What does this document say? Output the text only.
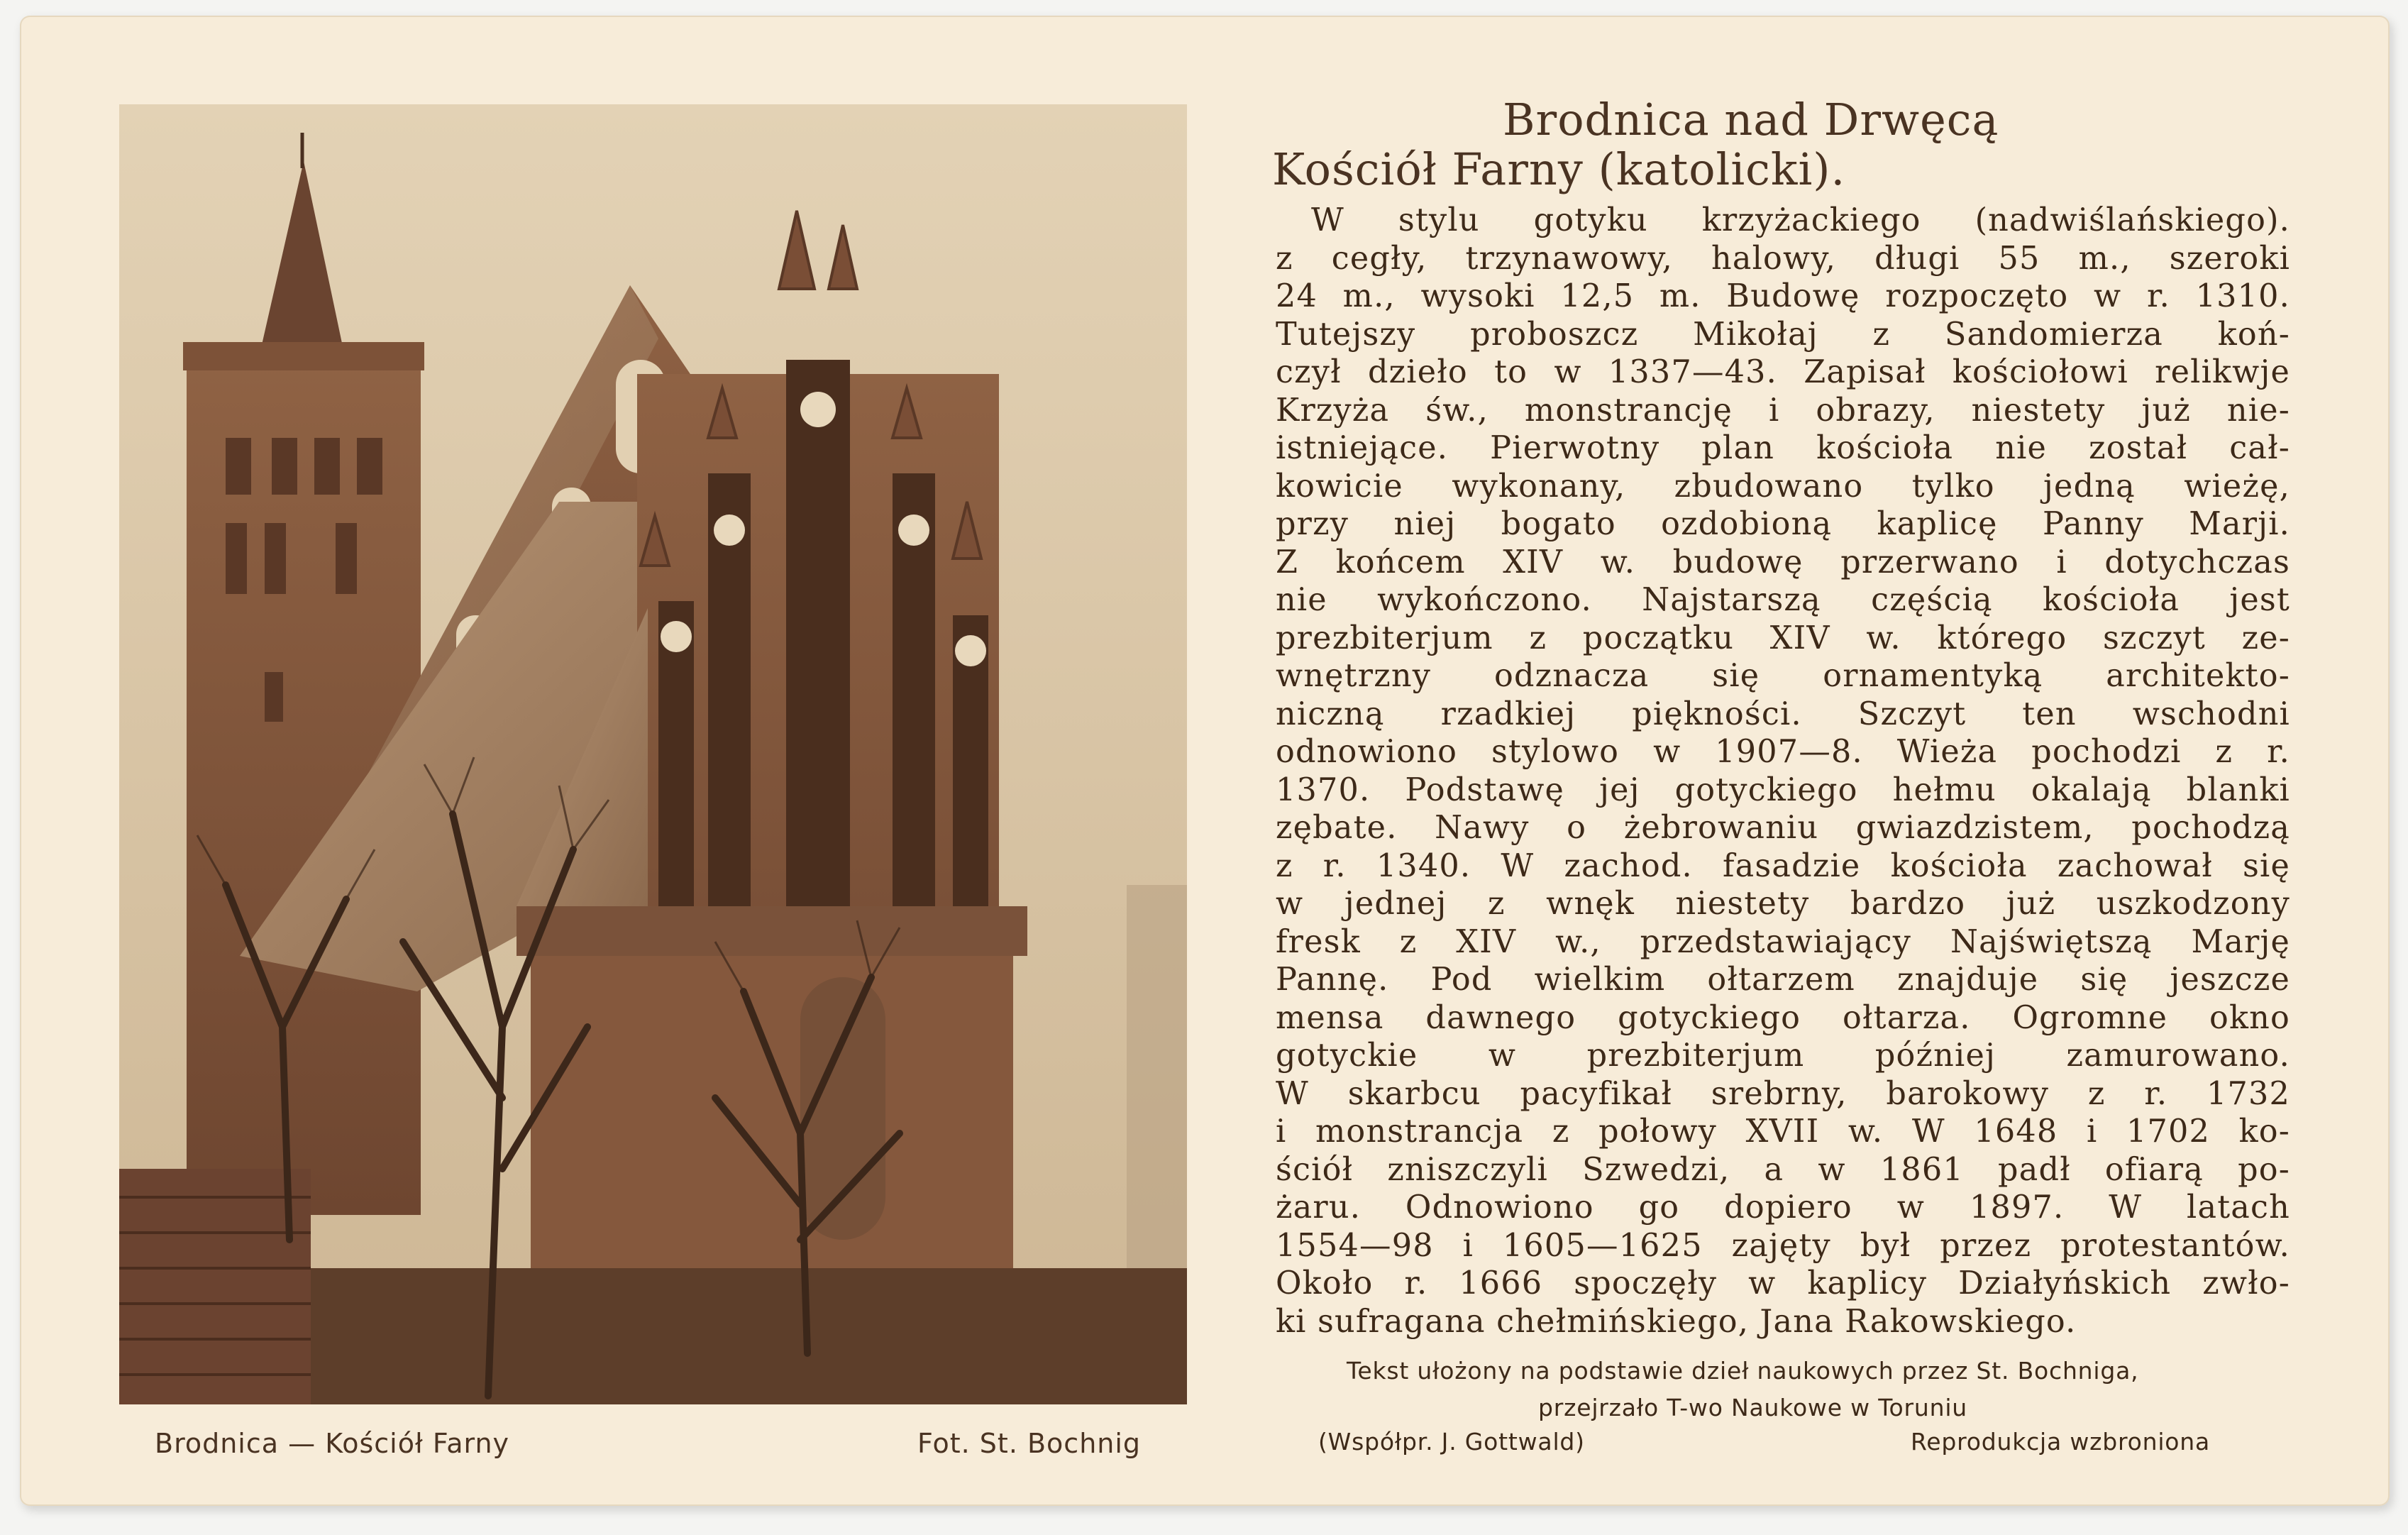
Brodnica — Kościół Farny	Fot. St. Bochnig
Brodnica nad Drwęcą
Kościół Farny (katolicki).
W stylu gotyku krzyżackiego (nadwiślańskiego).
z cegły, trzynawowy, halowy, długi 55 m., szeroki
24 m., wysoki 12,5 m. Budowę rozpoczęto w r. 1310.
Tutejszy proboszcz Mikołaj z Sandomierza koń-
czył dzieło to w 1337—43. Zapisał kościołowi relikwje
Krzyża św., monstrancję i obrazy, niestety już nie-
istniejące. Pierwotny plan kościoła nie został cał-
kowicie wykonany, zbudowano tylko jedną wieżę,
przy niej bogato ozdobioną kaplicę Panny Marji.
Z końcem XIV w. budowę przerwano i dotychczas
nie wykończono. Najstarszą częścią kościoła jest
prezbiterjum z początku XIV w. którego szczyt ze-
wnętrzny odznacza się ornamentyką architekto-
niczną rzadkiej piękności. Szczyt ten wschodni
odnowiono stylowo w 1907—8. Wieża pochodzi z r.
1370. Podstawę jej gotyckiego hełmu okalają blanki
zębate. Nawy o żebrowaniu gwiazdzistem, pochodzą
z r. 1340. W zachod. fasadzie kościoła zachował się
w jednej z wnęk niestety bardzo już uszkodzony
fresk z XIV w., przedstawiający Najświętszą Marję
Pannę. Pod wielkim ołtarzem znajduje się jeszcze
mensa dawnego gotyckiego ołtarza. Ogromne okno
gotyckie w prezbiterjum później zamurowano.
W skarbcu pacyfikał srebrny, barokowy z r. 1732
i monstrancja z połowy XVII w. W 1648 i 1702 ko-
ściół zniszczyli Szwedzi, a w 1861 padł ofiarą po-
żaru. Odnowiono go dopiero w 1897. W latach
1554—98 i 1605—1625 zajęty był przez protestantów.
Około r. 1666 spoczęły w kaplicy Działyńskich zwło-
ki sufragana chełmińskiego, Jana Rakowskiego.
Tekst ułożony na podstawie dzieł naukowych przez St. Bochniga,
przejrzało T-wo Naukowe w Toruniu
(Współpr. J. Gottwald)	Reprodukcja wzbroniona
